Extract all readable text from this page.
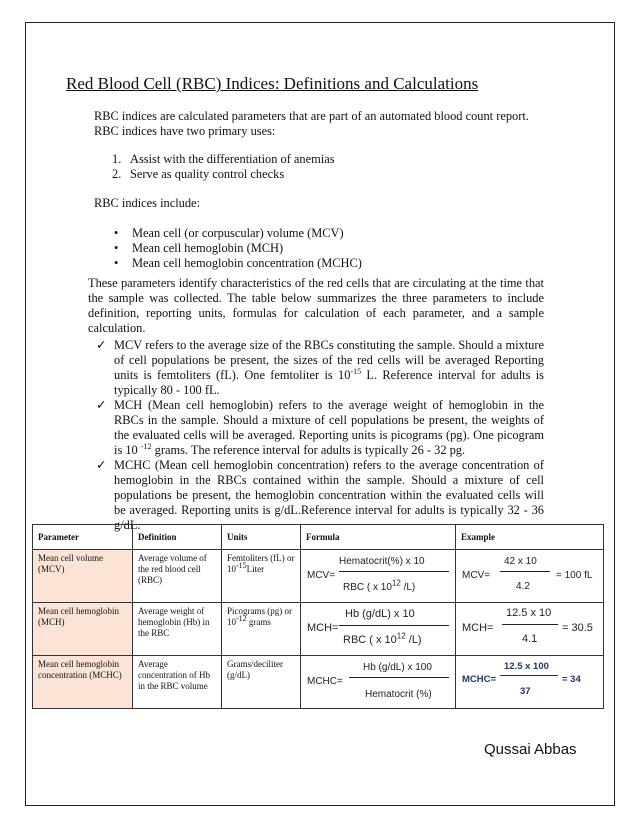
Red Blood Cell (RBC) Indices: Definitions and Calculations
RBC indices are calculated parameters that are part of an automated blood count report.
RBC indices have two primary uses:
1. Assist with the differentiation of anemias
2. Serve as quality control checks
RBC indices include:
• Mean cell (or corpuscular) volume (MCV)
• Mean cell hemoglobin (MCH)
• Mean cell hemoglobin concentration (MCHC)
These parameters identify characteristics of the red cells that are circulating at the time that the sample was collected. The table below summarizes the three parameters to include definition, reporting units, formulas for calculation of each parameter, and a sample calculation.
✓ MCV refers to the average size of the RBCs constituting the sample. Should a mixture of cell populations be present, the sizes of the red cells will be averaged Reporting units is femtoliters (fL). One femtoliter is $10^{-15}$ L. Reference interval for adults is typically 80 - 100 fL.
✓ MCH (Mean cell hemoglobin) refers to the average weight of hemoglobin in the RBCs in the sample. Should a mixture of cell populations be present, the weights of the evaluated cells will be averaged. Reporting units is picograms (pg). One picogram is 10 $^{-12}$ grams. The reference interval for adults is typically 26 - 32 pg.
✓ MCHC (Mean cell hemoglobin concentration) refers to the average concentration of hemoglobin in the RBCs contained within the sample. Should a mixture of cell populations be present, the hemoglobin concentration within the evaluated cells will be averaged. Reporting units is g/dL.Reference interval for adults is typically 32 - 36 g/dL.
Parameter	Definition	Units	Formula	Example
Mean cell volume (MCV)	Average volume of the red blood cell (RBC)	Femtoliters (fL) or $10^{-15}Liter$	MCV=
Hematocrit(%) x 10
RBC ( x $10^{12}$ /L)	MCV=
42 x 10
4.2
= 100 fL

Mean cell hemoglobin (MCH)	Average weight of hemoglobin (Hb) in the RBC	Picograms (pg) or $10^{-12}$ grams	MCH=
Hb (g/dL) x 10
RBC ( x $10^{12}$ /L)	MCH=
12.5 x 10
4.1
= 30.5

Mean cell hemoglobin concentration (MCHC)	Average concentration of Hb in the RBC volume	Grams/deciliter (g/dL)	MCHC=
Hb (g/dL) x 100
Hematocrit (%)	MCHC=
12.5 x 100
37
= 34
Qussai Abbas
